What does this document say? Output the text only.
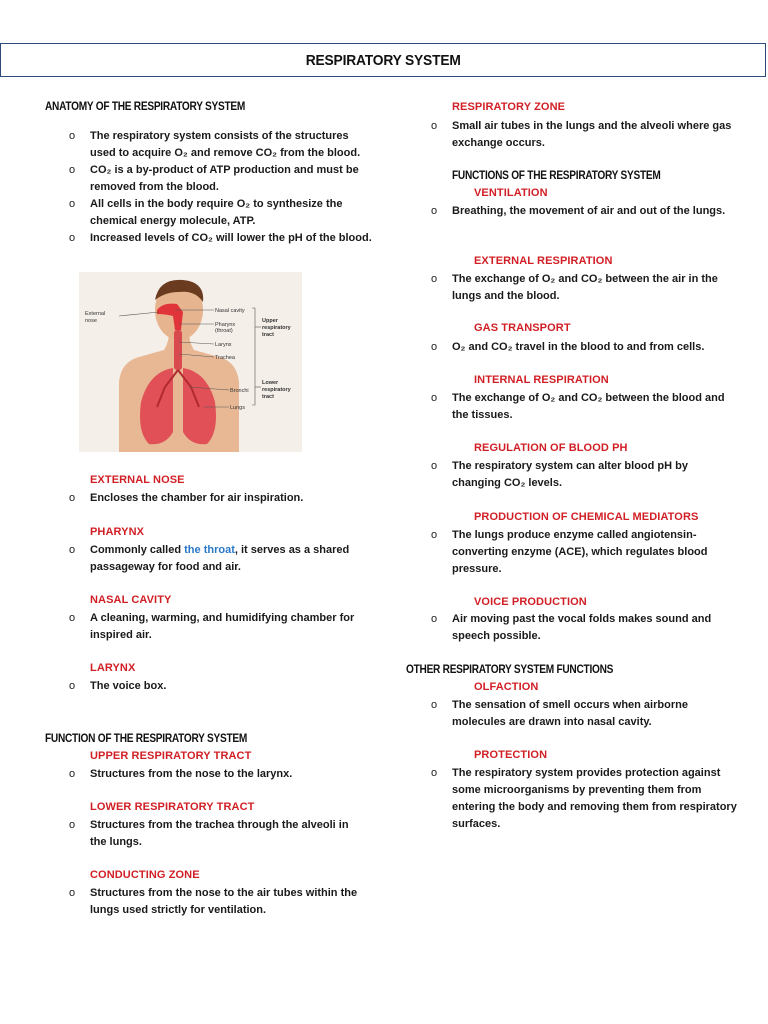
RESPIRATORY SYSTEM
ANATOMY OF THE RESPIRATORY SYSTEM
o The respiratory system consists of the structures used to acquire O₂ and remove CO₂ from the blood.
o CO₂ is a by-product of ATP production and must be removed from the blood.
o All cells in the body require O₂ to synthesize the chemical energy molecule, ATP.
o Increased levels of CO₂ will lower the pH of the blood.
External
nose
Nasal cavity
Pharynx
(throat)
Larynx
Trachea
Bronchi
Lungs
Upper
respiratory
tract
Lower
respiratory
tract
EXTERNAL NOSE
o Encloses the chamber for air inspiration.
PHARYNX
o Commonly called the throat, it serves as a shared passageway for food and air.
NASAL CAVITY
o A cleaning, warming, and humidifying chamber for inspired air.
LARYNX
o The voice box.
FUNCTION OF THE RESPIRATORY SYSTEM
UPPER RESPIRATORY TRACT
o Structures from the nose to the larynx.
LOWER RESPIRATORY TRACT
o Structures from the trachea through the alveoli in the lungs.
CONDUCTING ZONE
o Structures from the nose to the air tubes within the lungs used strictly for ventilation.
RESPIRATORY ZONE
o Small air tubes in the lungs and the alveoli where gas exchange occurs.
FUNCTIONS OF THE RESPIRATORY SYSTEM
VENTILATION
o Breathing, the movement of air and out of the lungs.
EXTERNAL RESPIRATION
o The exchange of O₂ and CO₂ between the air in the lungs and the blood.
GAS TRANSPORT
o O₂ and CO₂ travel in the blood to and from cells.
INTERNAL RESPIRATION
o The exchange of O₂ and CO₂ between the blood and the tissues.
REGULATION OF BLOOD PH
o The respiratory system can alter blood pH by changing CO₂ levels.
PRODUCTION OF CHEMICAL MEDIATORS
o The lungs produce enzyme called angiotensin-converting enzyme (ACE), which regulates blood pressure.
VOICE PRODUCTION
o Air moving past the vocal folds makes sound and speech possible.
OTHER RESPIRATORY SYSTEM FUNCTIONS
OLFACTION
o The sensation of smell occurs when airborne molecules are drawn into nasal cavity.
PROTECTION
o The respiratory system provides protection against some microorganisms by preventing them from entering the body and removing them from respiratory surfaces.
